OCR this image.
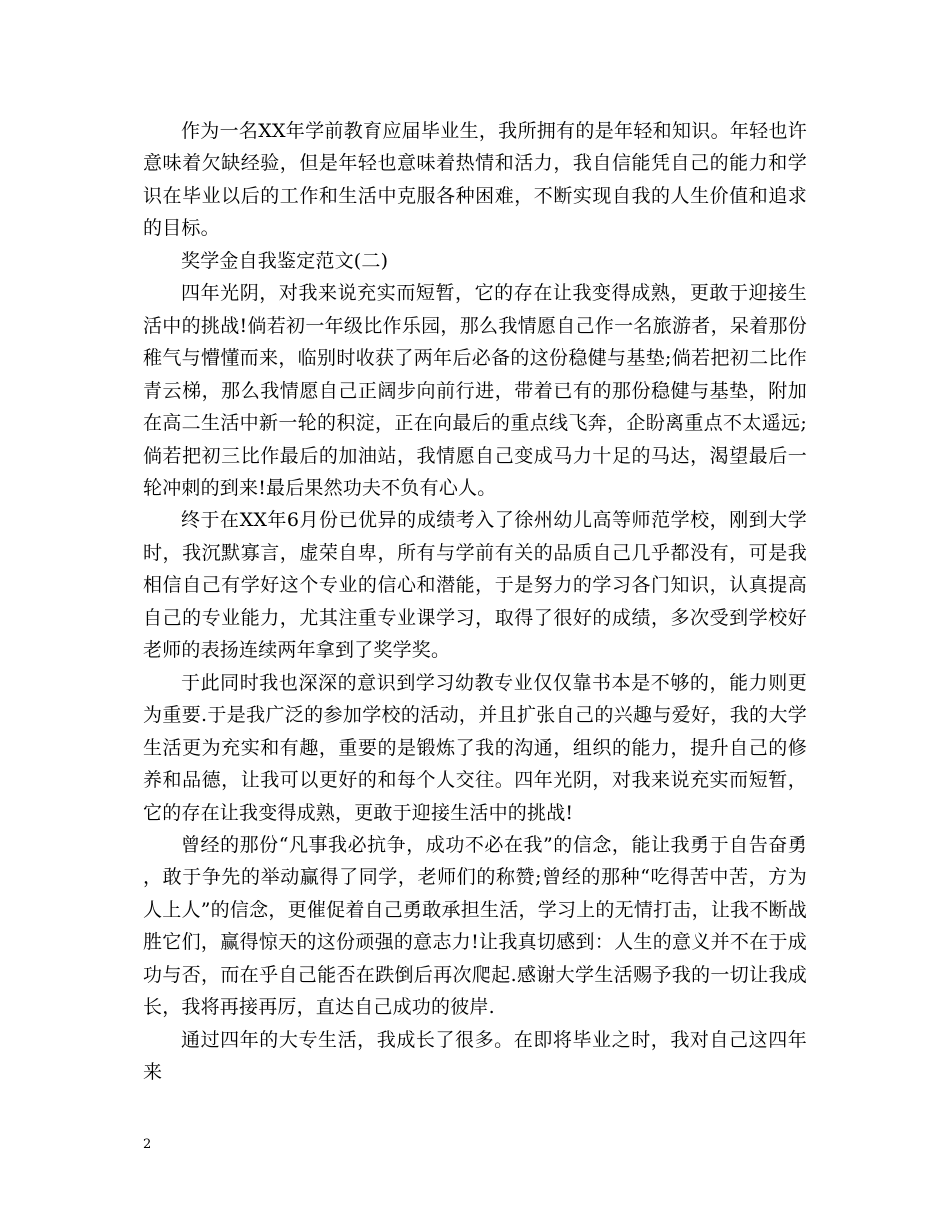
作为一名XX年学前教育应届毕业生，我所拥有的是年轻和知识。年轻也许意味着欠缺经验，但是年轻也意味着热情和活力，我自信能凭自己的能力和学识在毕业以后的工作和生活中克服各种困难，不断实现自我的人生价值和追求的目标。

奖学金自我鉴定范文(二)

四年光阴，对我来说充实而短暂，它的存在让我变得成熟，更敢于迎接生活中的挑战!倘若初一年级比作乐园，那么我情愿自己作一名旅游者，呆着那份稚气与懵懂而来，临别时收获了两年后必备的这份稳健与基垫;倘若把初二比作青云梯，那么我情愿自己正阔步向前行进，带着已有的那份稳健与基垫，附加在高二生活中新一轮的积淀，正在向最后的重点线飞奔，企盼离重点不太遥远;倘若把初三比作最后的加油站，我情愿自己变成马力十足的马达，渴望最后一轮冲刺的到来!最后果然功夫不负有心人。

终于在XX年6月份已优异的成绩考入了徐州幼儿高等师范学校，刚到大学时，我沉默寡言，虚荣自卑，所有与学前有关的品质自己几乎都没有，可是我相信自己有学好这个专业的信心和潜能，于是努力的学习各门知识，认真提高自己的专业能力，尤其注重专业课学习，取得了很好的成绩，多次受到学校好老师的表扬连续两年拿到了奖学奖。

于此同时我也深深的意识到学习幼教专业仅仅靠书本是不够的，能力则更为重要.于是我广泛的参加学校的活动，并且扩张自己的兴趣与爱好，我的大学生活更为充实和有趣，重要的是锻炼了我的沟通，组织的能力，提升自己的修养和品德，让我可以更好的和每个人交往。四年光阴，对我来说充实而短暂，它的存在让我变得成熟，更敢于迎接生活中的挑战!

曾经的那份“凡事我必抗争，成功不必在我”的信念，能让我勇于自告奋勇，敢于争先的举动赢得了同学，老师们的称赞;曾经的那种“吃得苦中苦，方为人上人”的信念，更催促着自己勇敢承担生活，学习上的无情打击，让我不断战胜它们，赢得惊天的这份顽强的意志力!让我真切感到：人生的意义并不在于成功与否，而在乎自己能否在跌倒后再次爬起.感谢大学生活赐予我的一切让我成长，我将再接再厉，直达自己成功的彼岸.

通过四年的大专生活，我成长了很多。在即将毕业之时，我对自己这四年来

2
